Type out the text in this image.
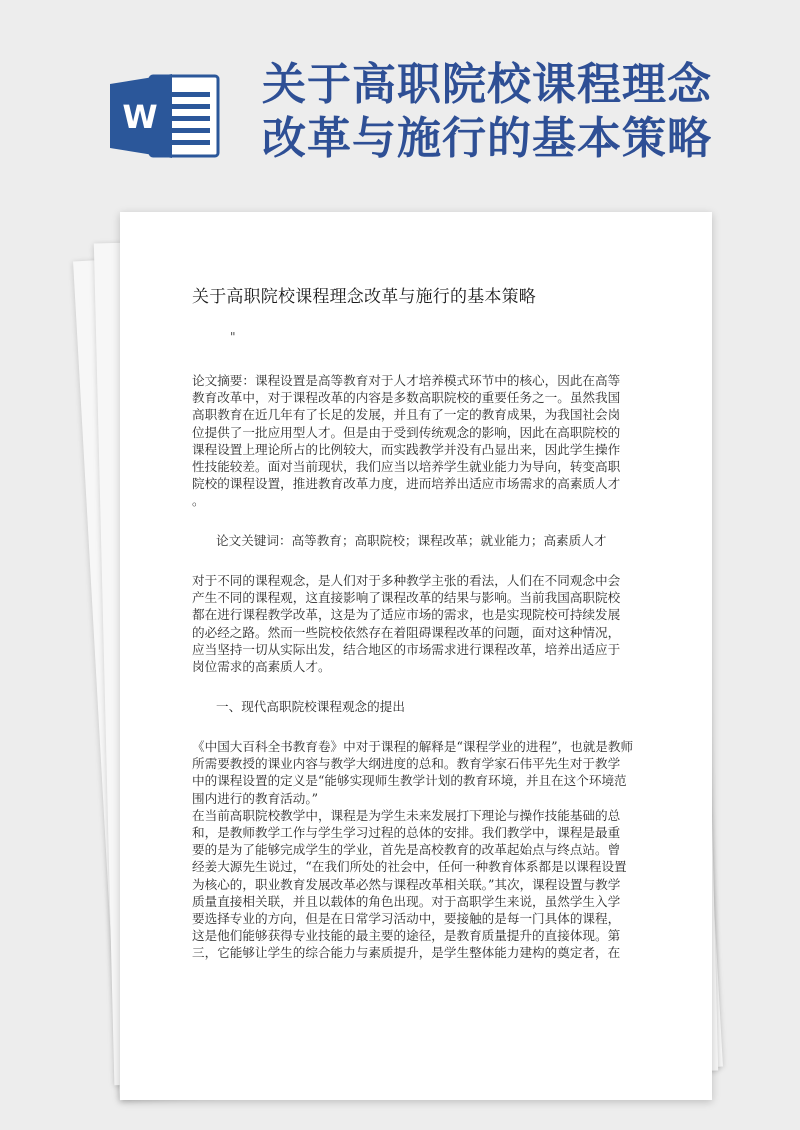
W
关于高职院校课程理念
改革与施行的基本策略
关于高职院校课程理念改革与施行的基本策略
"
论文摘要：课程设置是高等教育对于人才培养模式环节中的核心，因此在高等
教育改革中，对于课程改革的内容是多数高职院校的重要任务之一。虽然我国
高职教育在近几年有了长足的发展，并且有了一定的教育成果，为我国社会岗
位提供了一批应用型人才。但是由于受到传统观念的影响，因此在高职院校的
课程设置上理论所占的比例较大，而实践教学并没有凸显出来，因此学生操作
性技能较差。面对当前现状，我们应当以培养学生就业能力为导向，转变高职
院校的课程设置，推进教育改革力度，进而培养出适应市场需求的高素质人才
。
论文关键词：高等教育；高职院校；课程改革；就业能力；高素质人才
对于不同的课程观念，是人们对于多种教学主张的看法，人们在不同观念中会
产生不同的课程观，这直接影响了课程改革的结果与影响。当前我国高职院校
都在进行课程教学改革，这是为了适应市场的需求，也是实现院校可持续发展
的必经之路。然而一些院校依然存在着阻碍课程改革的问题，面对这种情况，
应当坚持一切从实际出发，结合地区的市场需求进行课程改革，培养出适应于
岗位需求的高素质人才。
一、现代高职院校课程观念的提出
《中国大百科全书教育卷》中对于课程的解释是“课程学业的进程”，也就是教师
所需要教授的课业内容与教学大纲进度的总和。教育学家石伟平先生对于教学
中的课程设置的定义是“能够实现师生教学计划的教育环境，并且在这个环境范
围内进行的教育活动。”
在当前高职院校教学中，课程是为学生未来发展打下理论与操作技能基础的总
和，是教师教学工作与学生学习过程的总体的安排。我们教学中，课程是最重
要的是为了能够完成学生的学业，首先是高校教育的改革起始点与终点站。曾
经姜大源先生说过，“在我们所处的社会中，任何一种教育体系都是以课程设置
为核心的，职业教育发展改革必然与课程改革相关联。”其次，课程设置与教学
质量直接相关联，并且以载体的角色出现。对于高职学生来说，虽然学生入学
要选择专业的方向，但是在日常学习活动中，要接触的是每一门具体的课程，
这是他们能够获得专业技能的最主要的途径，是教育质量提升的直接体现。第
三，它能够让学生的综合能力与素质提升，是学生整体能力建构的奠定者，在
